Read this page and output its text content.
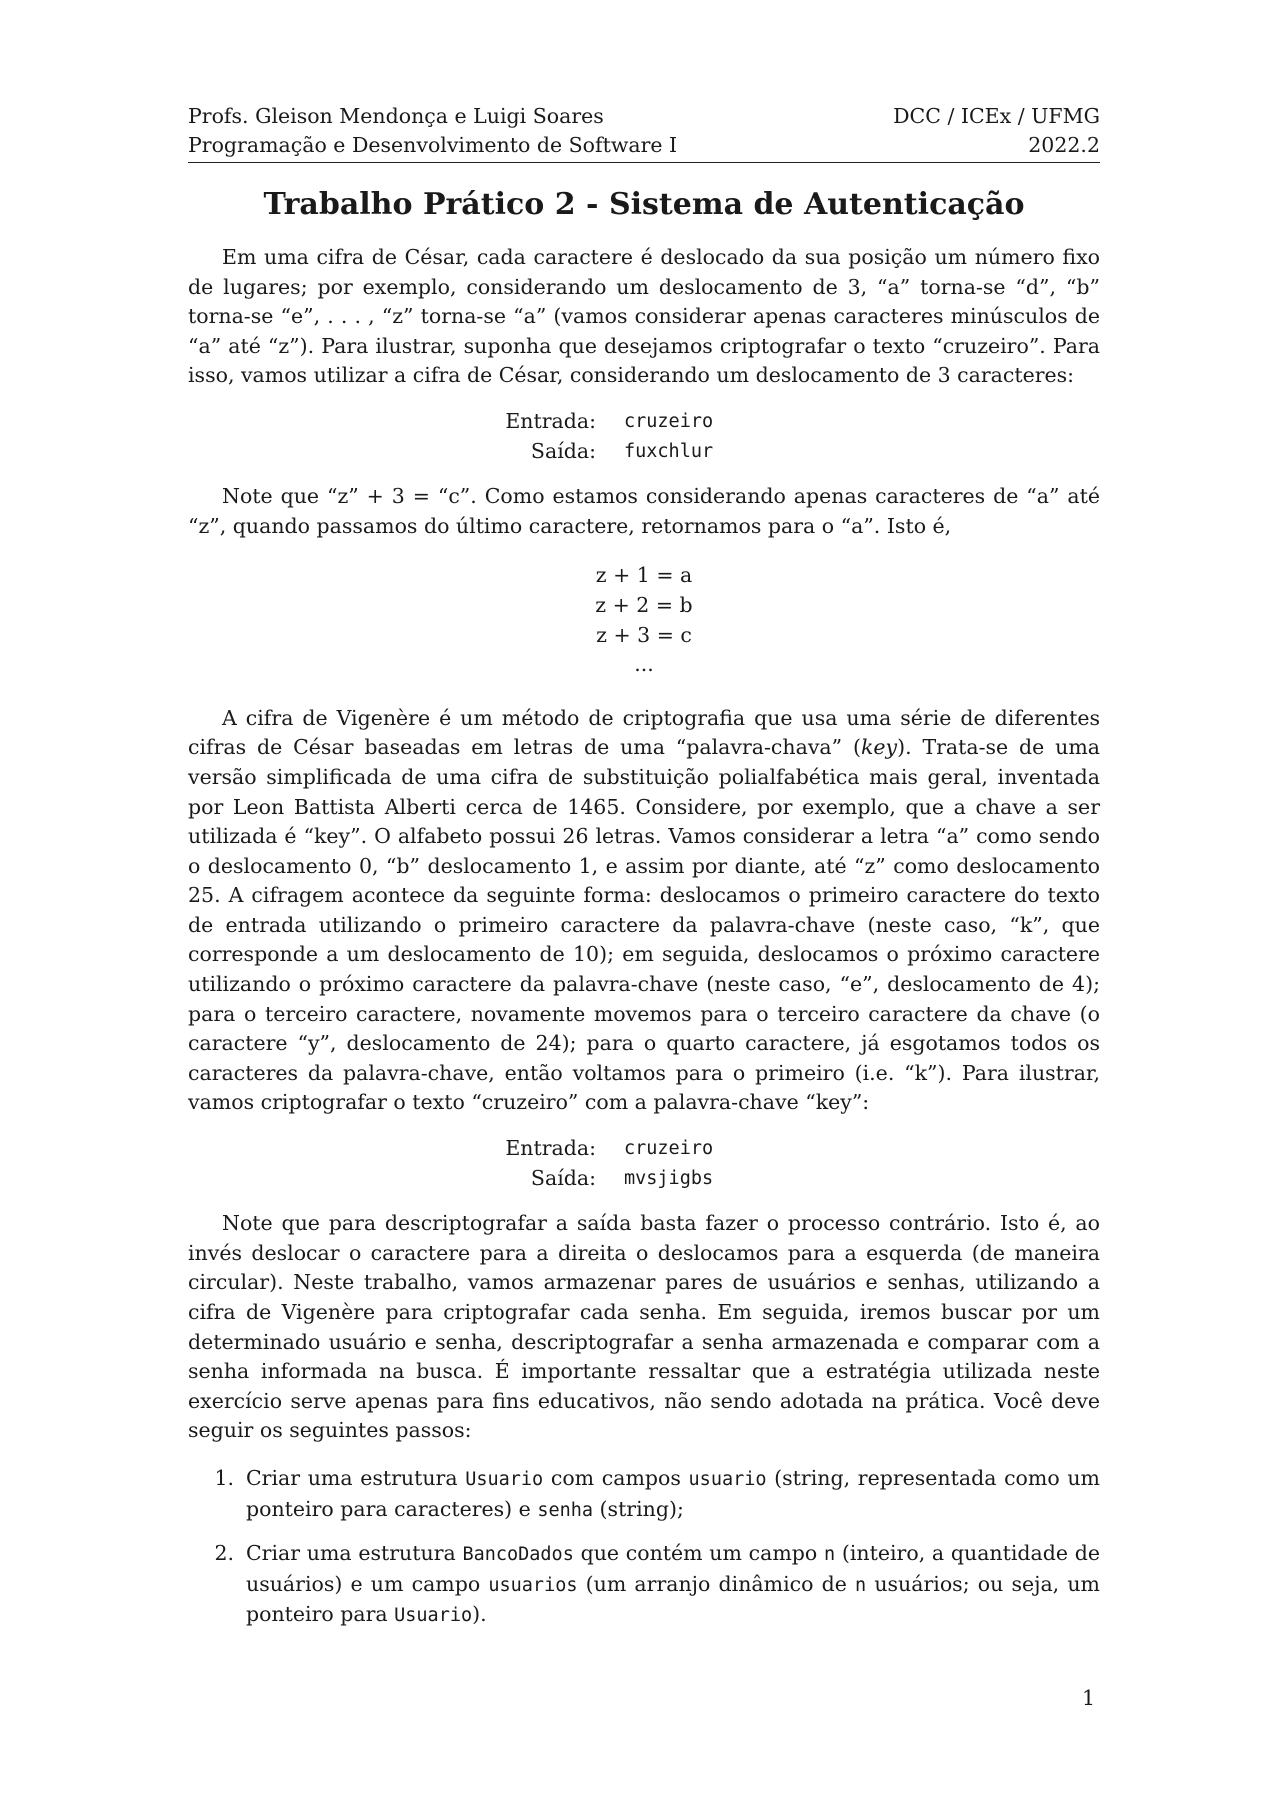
Profs. Gleison Mendonça e Luigi Soares	DCC / ICEx / UFMG
Programação e Desenvolvimento de Software I	2022.2
Trabalho Prático 2 - Sistema de Autenticação

Em uma cifra de César, cada caractere é deslocado da sua posição um número fixo de lugares; por exemplo, considerando um deslocamento de 3, “a” torna-se “d”, “b” torna-se “e”, . . . , “z” torna-se “a” (vamos considerar apenas caracteres minúsculos de “a” até “z”). Para ilustrar, suponha que desejamos criptografar o texto “cruzeiro”. Para isso, vamos utilizar a cifra de César, considerando um deslocamento de 3 caracteres:

Entrada:	cruzeiro
Saída:	fuxchlur

Note que “z” + 3 = “c”. Como estamos considerando apenas caracteres de “a” até “z”, quando passamos do último caractere, retornamos para o “a”. Isto é,

z + 1 = a
z + 2 = b
z + 3 = c
...

A cifra de Vigenère é um método de criptografia que usa uma série de diferentes cifras de César baseadas em letras de uma “palavra-chava” (key). Trata-se de uma versão simplificada de uma cifra de substituição polialfabética mais geral, inventada por Leon Battista Alberti cerca de 1465. Considere, por exemplo, que a chave a ser utilizada é “key”. O alfabeto possui 26 letras. Vamos considerar a letra “a” como sendo o deslocamento 0, “b” deslocamento 1, e assim por diante, até “z” como deslocamento 25. A cifragem acontece da seguinte forma: deslocamos o primeiro caractere do texto de entrada utilizando o primeiro caractere da palavra-chave (neste caso, “k”, que corresponde a um deslocamento de 10); em seguida, deslocamos o próximo caractere utilizando o próximo caractere da palavra-chave (neste caso, “e”, deslocamento de 4); para o terceiro caractere, novamente movemos para o terceiro caractere da chave (o caractere “y”, deslocamento de 24); para o quarto caractere, já esgotamos todos os caracteres da palavra-chave, então voltamos para o primeiro (i.e. “k”). Para ilustrar, vamos criptografar o texto “cruzeiro” com a palavra-chave “key”:

Entrada:	cruzeiro
Saída:	mvsjigbs

Note que para descriptografar a saída basta fazer o processo contrário. Isto é, ao invés deslocar o caractere para a direita o deslocamos para a esquerda (de maneira circular). Neste trabalho, vamos armazenar pares de usuários e senhas, utilizando a cifra de Vigenère para criptografar cada senha. Em seguida, iremos buscar por um determinado usuário e senha, descriptografar a senha armazenada e comparar com a senha informada na busca. É importante ressaltar que a estratégia utilizada neste exercício serve apenas para fins educativos, não sendo adotada na prática. Você deve seguir os seguintes passos:

1. Criar uma estrutura Usuario com campos usuario (string, representada como um ponteiro para caracteres) e senha (string);
2. Criar uma estrutura BancoDados que contém um campo n (inteiro, a quantidade de usuários) e um campo usuarios (um arranjo dinâmico de n usuários; ou seja, um ponteiro para Usuario).
1
